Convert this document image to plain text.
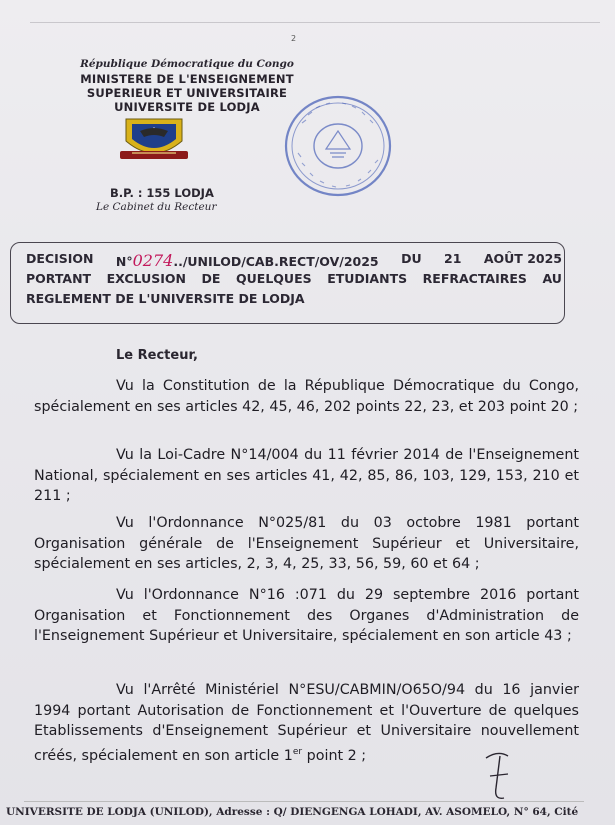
2
République Démocratique du Congo
MINISTERE DE L'ENSEIGNEMENT
SUPERIEUR ET UNIVERSITAIRE
UNIVERSITE DE LODJA
B.P. : 155 LODJA
Le Cabinet du Recteur
DECISION N°0274../UNILOD/CAB.RECT/OV/2025 DU 21 AOÛT 2025
PORTANT EXCLUSION DE QUELQUES ETUDIANTS REFRACTAIRES AU
REGLEMENT DE L'UNIVERSITE DE LODJA
Le Recteur,
Vu la Constitution de la République Démocratique du Congo, spécialement en ses articles 42, 45, 46, 202 points 22, 23, et 203 point 20 ;
Vu la Loi-Cadre N°14/004 du 11 février 2014 de l'Enseignement National, spécialement en ses articles 41, 42, 85, 86, 103, 129, 153, 210 et 211 ;
Vu l'Ordonnance N°025/81 du 03 octobre 1981 portant Organisation générale de l'Enseignement Supérieur et Universitaire, spécialement en ses articles, 2, 3, 4, 25, 33, 56, 59, 60 et 64 ;
Vu l'Ordonnance N°16 :071 du 29 septembre 2016 portant Organisation et Fonctionnement des Organes d'Administration de l'Enseignement Supérieur et Universitaire, spécialement en son article 43 ;
Vu l'Arrêté Ministériel N°ESU/CABMIN/O65O/94 du 16 janvier 1994 portant Autorisation de Fonctionnement et l'Ouverture de quelques Etablissements d'Enseignement Supérieur et Universitaire nouvellement créés, spécialement en son article 1er point 2 ;
UNIVERSITE DE LODJA (UNILOD), Adresse : Q/ DIENGENGA LOHADI, AV. ASOMELO, N° 64, Cité
